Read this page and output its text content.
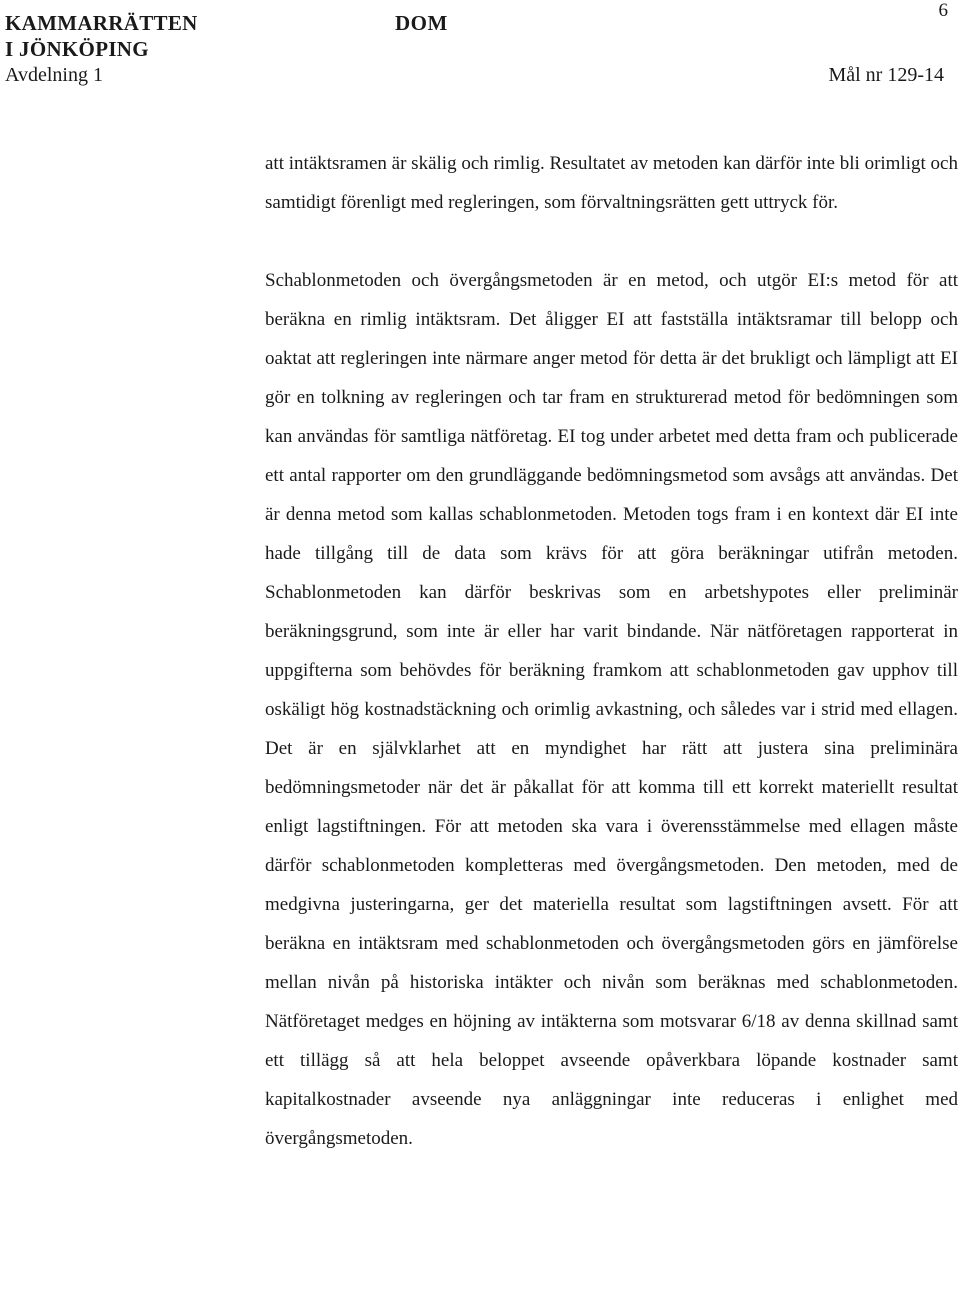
KAMMARRÄTTEN
I JÖNKÖPING
DOM
6
Avdelning 1	Mål nr 129-14

att intäktsramen är skälig och rimlig. Resultatet av metoden kan därför inte bli orimligt och samtidigt förenligt med regleringen, som förvaltningsrätten gett uttryck för.

Schablonmetoden och övergångsmetoden är en metod, och utgör EI:s metod för att beräkna en rimlig intäktsram. Det åligger EI att fastställa intäktsramar till belopp och oaktat att regleringen inte närmare anger metod för detta är det brukligt och lämpligt att EI gör en tolkning av regleringen och tar fram en strukturerad metod för bedömningen som kan användas för samtliga nätföretag. EI tog under arbetet med detta fram och publicerade ett antal rapporter om den grundläggande bedömningsmetod som avsågs att användas. Det är denna metod som kallas schablonmetoden. Metoden togs fram i en kontext där EI inte hade tillgång till de data som krävs för att göra beräkningar utifrån metoden. Schablonmetoden kan därför beskrivas som en arbetshypotes eller preliminär beräkningsgrund, som inte är eller har varit bindande. När nätföretagen rapporterat in uppgifterna som behövdes för beräkning framkom att schablonmetoden gav upphov till oskäligt hög kostnadstäckning och orimlig avkastning, och således var i strid med ellagen. Det är en självklarhet att en myndighet har rätt att justera sina preliminära bedömningsmetoder när det är påkallat för att komma till ett korrekt materiellt resultat enligt lagstiftningen. För att metoden ska vara i överensstämmelse med ellagen måste därför schablonmetoden kompletteras med övergångsmetoden. Den metoden, med de medgivna justeringarna, ger det materiella resultat som lagstiftningen avsett. För att beräkna en intäktsram med schablonmetoden och övergångsmetoden görs en jämförelse mellan nivån på historiska intäkter och nivån som beräknas med schablonmetoden. Nätföretaget medges en höjning av intäkterna som motsvarar 6/18 av denna skillnad samt ett tillägg så att hela beloppet avseende opåverkbara löpande kostnader samt kapitalkostnader avseende nya anläggningar inte reduceras i enlighet med övergångsmetoden.
